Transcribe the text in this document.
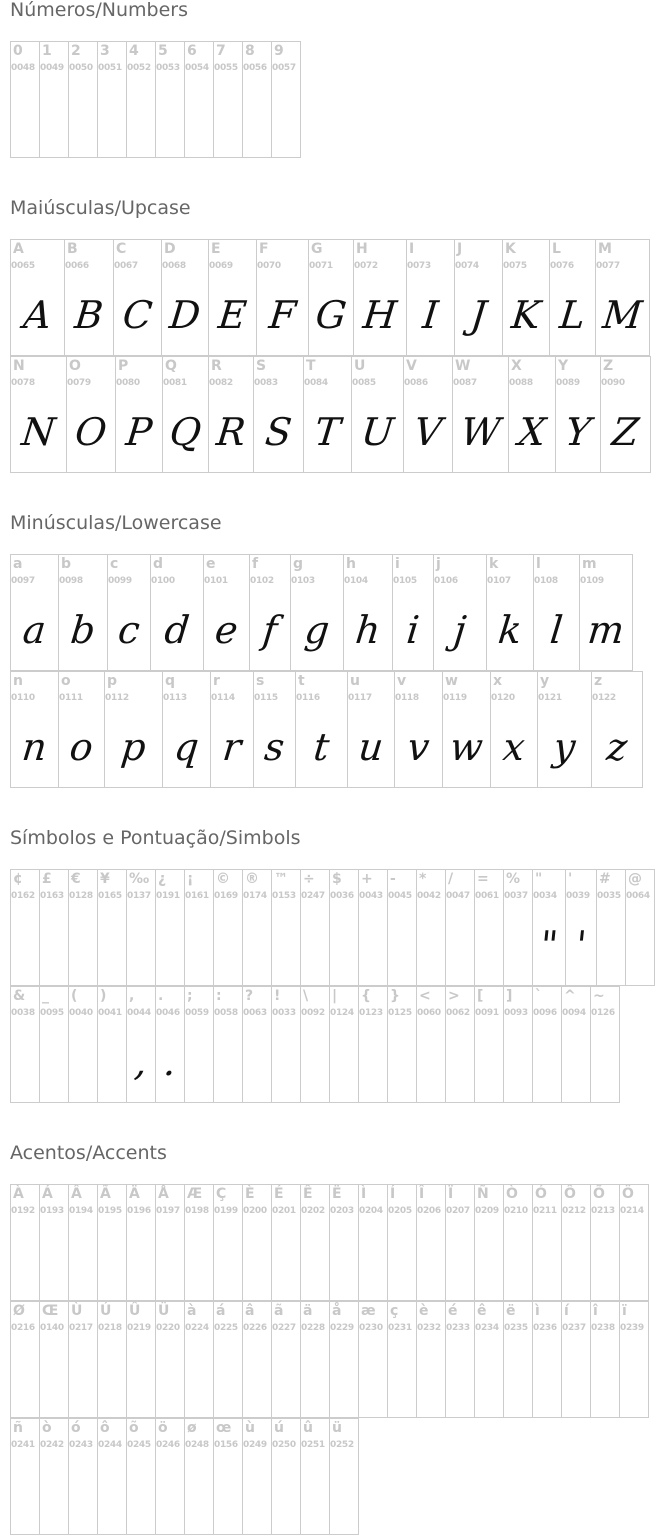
Números/Numbers
0
0048
1
0049
2
0050
3
0051
4
0052
5
0053
6
0054
7
0055
8
0056
9
0057
Maiúsculas/Upcase
A
0065
A
B
0066
B
C
0067
C
D
0068
D
E
0069
E
F
0070
F
G
0071
G
H
0072
H
I
0073
I
J
0074
J
K
0075
K
L
0076
L
M
0077
M
N
0078
N
O
0079
O
P
0080
P
Q
0081
Q
R
0082
R
S
0083
S
T
0084
T
U
0085
U
V
0086
V
W
0087
W
X
0088
X
Y
0089
Y
Z
0090
Z
Minúsculas/Lowercase
a
0097
a
b
0098
b
c
0099
c
d
0100
d
e
0101
e
f
0102
f
g
0103
g
h
0104
h
i
0105
i
j
0106
j
k
0107
k
l
0108
l
m
0109
m
n
0110
n
o
0111
o
p
0112
p
q
0113
q
r
0114
r
s
0115
s
t
0116
t
u
0117
u
v
0118
v
w
0119
w
x
0120
x
y
0121
y
z
0122
z
Símbolos e Pontuação/Simbols
¢
0162
£
0163
€
0128
¥
0165
‰
0137
¿
0191
¡
0161
©
0169
®
0174
™
0153
÷
0247
$
0036
+
0043
-
0045
*
0042
/
0047
=
0061
%
0037
"
0034
"
'
0039
'
#
0035
@
0064
&
0038
_
0095
(
0040
)
0041
,
0044
,
.
0046
.
;
0059
:
0058
?
0063
!
0033
\
0092
|
0124
{
0123
}
0125
<
0060
>
0062
[
0091
]
0093
`
0096
^
0094
~
0126
Acentos/Accents
À
0192
Á
0193
Â
0194
Ã
0195
Ä
0196
Å
0197
Æ
0198
Ç
0199
È
0200
É
0201
Ê
0202
Ë
0203
Ì
0204
Í
0205
Î
0206
Ï
0207
Ñ
0209
Ò
0210
Ó
0211
Ô
0212
Õ
0213
Ö
0214
Ø
0216
Œ
0140
Ù
0217
Ú
0218
Û
0219
Ü
0220
à
0224
á
0225
â
0226
ã
0227
ä
0228
å
0229
æ
0230
ç
0231
è
0232
é
0233
ê
0234
ë
0235
ì
0236
í
0237
î
0238
ï
0239
ñ
0241
ò
0242
ó
0243
ô
0244
õ
0245
ö
0246
ø
0248
œ
0156
ù
0249
ú
0250
û
0251
ü
0252
